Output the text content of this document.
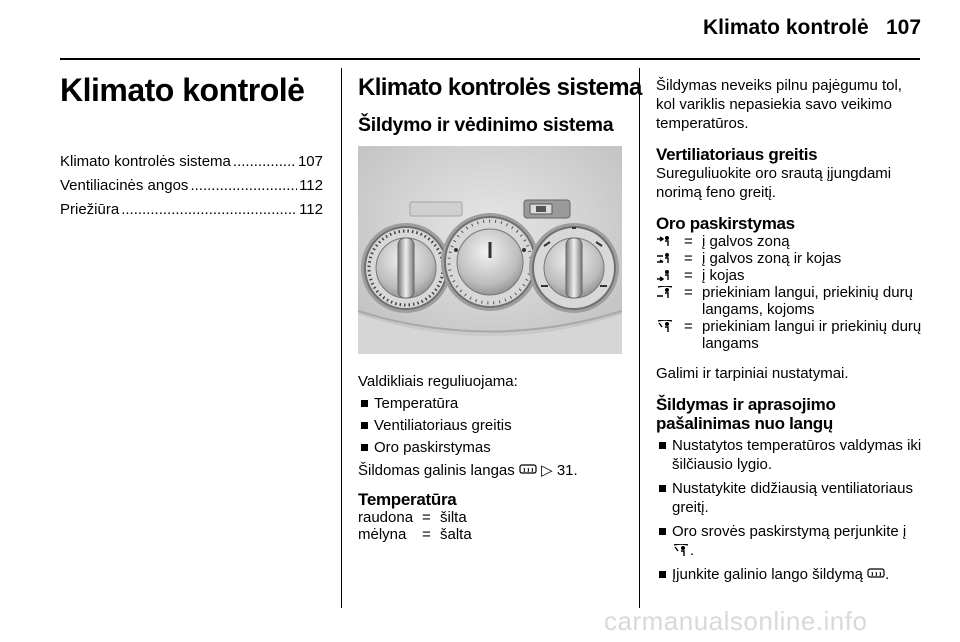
Klimato kontrolė 107
Klimato kontrolė
Klimato kontrolės sistema .....	107
Ventiliacinės angos .....	112
Priežiūra .....	112
Klimato kontrolės sistema
Šildymo ir vėdinimo sistema
Valdikliais reguliuojama:
Temperatūra
Ventiliatoriaus greitis
Oro paskirstymas
Šildomas galinis langas ▷ 31.
Temperatūra
raudona = šilta
mėlyna	= šalta
Šildymas neveiks pilnu pajėgumu tol, kol variklis nepasiekia savo veikimo temperatūros.
Vertiliatoriaus greitis
Sureguliuokite oro srautą įjungdami norimą feno greitį.
Oro paskirstymas
= į galvos zoną
= į galvos zoną ir kojas
= į kojas
= priekiniam langui, priekinių durų langams, kojoms
= priekiniam langui ir priekinių durų langams
Galimi ir tarpiniai nustatymai.
Šildymas ir aprasojimo
pašalinimas nuo langų
Nustatytos temperatūros valdymas iki šilčiausio lygio.
Nustatykite didžiausią ventiliatoriaus greitį.
Oro srovės paskirstymą perjunkite į .
Įjunkite galinio lango šildymą .
carmanualsonline.info
